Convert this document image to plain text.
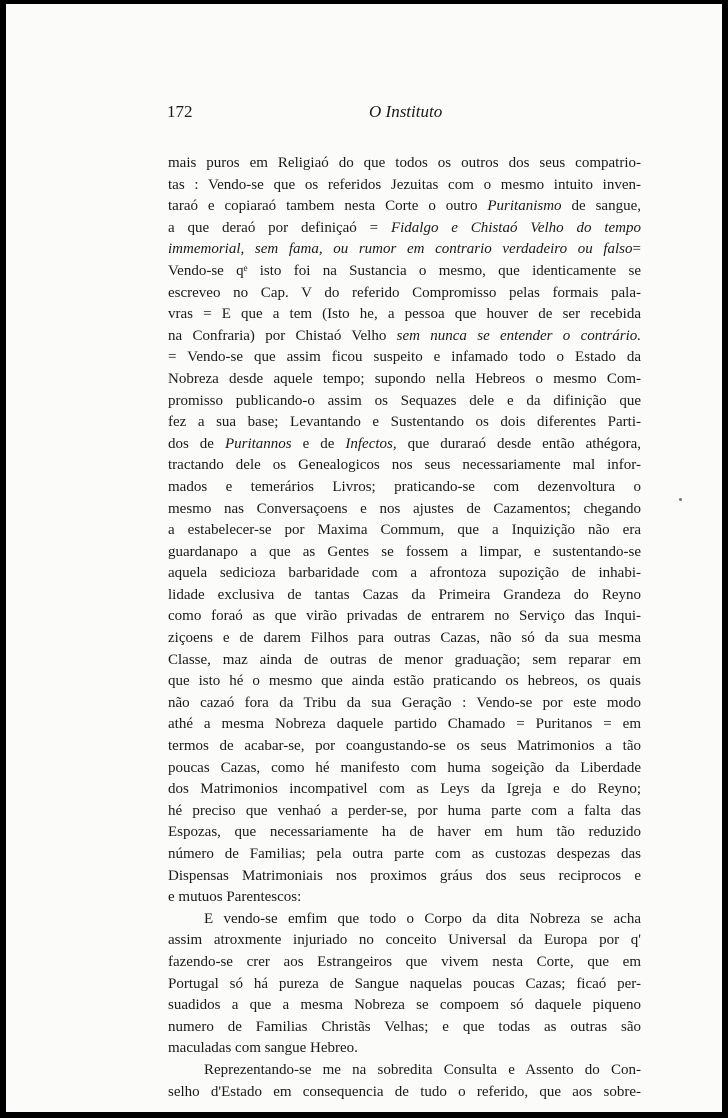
172	O Instituto
mais puros em Religiaó do que todos os outros dos seus compatrio-
tas : Vendo-se que os referidos Jezuitas com o mesmo intuito inven-
taraó e copiaraó tambem nesta Corte o outro Puritanismo de sangue,
a que deraó por definiçaó = Fidalgo e Chistaó Velho do tempo
immemorial, sem fama, ou rumor em contrario verdadeiro ou falso=
Vendo-se qᵉ isto foi na Sustancia o mesmo, que identicamente se
escreveo no Cap. V do referido Compromisso pelas formais pala-
vras = E que a tem (Isto he, a pessoa que houver de ser recebida
na Confraria) por Chistaó Velho sem nunca se entender o contrário.
= Vendo-se que assim ficou suspeito e infamado todo o Estado da
Nobreza desde aquele tempo; supondo nella Hebreos o mesmo Com-
promisso publicando-o assim os Sequazes dele e da difinição que
fez a sua base; Levantando e Sustentando os dois diferentes Parti-
dos de Puritannos e de Infectos, que duraraó desde então athégora,
tractando dele os Genealogicos nos seus necessariamente mal infor-
mados e temerários Livros; praticando-se com dezenvoltura o
mesmo nas Conversaçoens e nos ajustes de Cazamentos; chegando
a estabelecer-se por Maxima Commum, que a Inquizição não era
guardanapo a que as Gentes se fossem a limpar, e sustentando-se
aquela sedicioza barbaridade com a afrontoza supozição de inhabi-
lidade exclusiva de tantas Cazas da Primeira Grandeza do Reyno
como foraó as que virão privadas de entrarem no Serviço das Inqui-
ziçoens e de darem Filhos para outras Cazas, não só da sua mesma
Classe, maz ainda de outras de menor graduação; sem reparar em
que isto hé o mesmo que ainda estão praticando os hebreos, os quais
não cazaó fora da Tribu da sua Geração : Vendo-se por este modo
athé a mesma Nobreza daquele partido Chamado = Puritanos = em
termos de acabar-se, por coangustando-se os seus Matrimonios a tão
poucas Cazas, como hé manifesto com huma sogeição da Liberdade
dos Matrimonios incompativel com as Leys da Igreja e do Reyno;
hé preciso que venhaó a perder-se, por huma parte com a falta das
Espozas, que necessariamente ha de haver em hum tão reduzido
número de Familias; pela outra parte com as custozas despezas das
Dispensas Matrimoniais nos proximos gráus dos seus reciprocos e
e mutuos Parentescos:
E vendo-se emfim que todo o Corpo da dita Nobreza se acha
assim atroxmente injuriado no conceito Universal da Europa por q'
fazendo-se crer aos Estrangeiros que vivem nesta Corte, que em
Portugal só há pureza de Sangue naquelas poucas Cazas; ficaó per-
suadidos a que a mesma Nobreza se compoem só daquele piqueno
numero de Familias Christãs Velhas; e que todas as outras são
maculadas com sangue Hebreo.
Reprezentando-se me na sobredita Consulta e Assento do Con-
selho d'Estado em consequencia de tudo o referido, que aos sobre-
